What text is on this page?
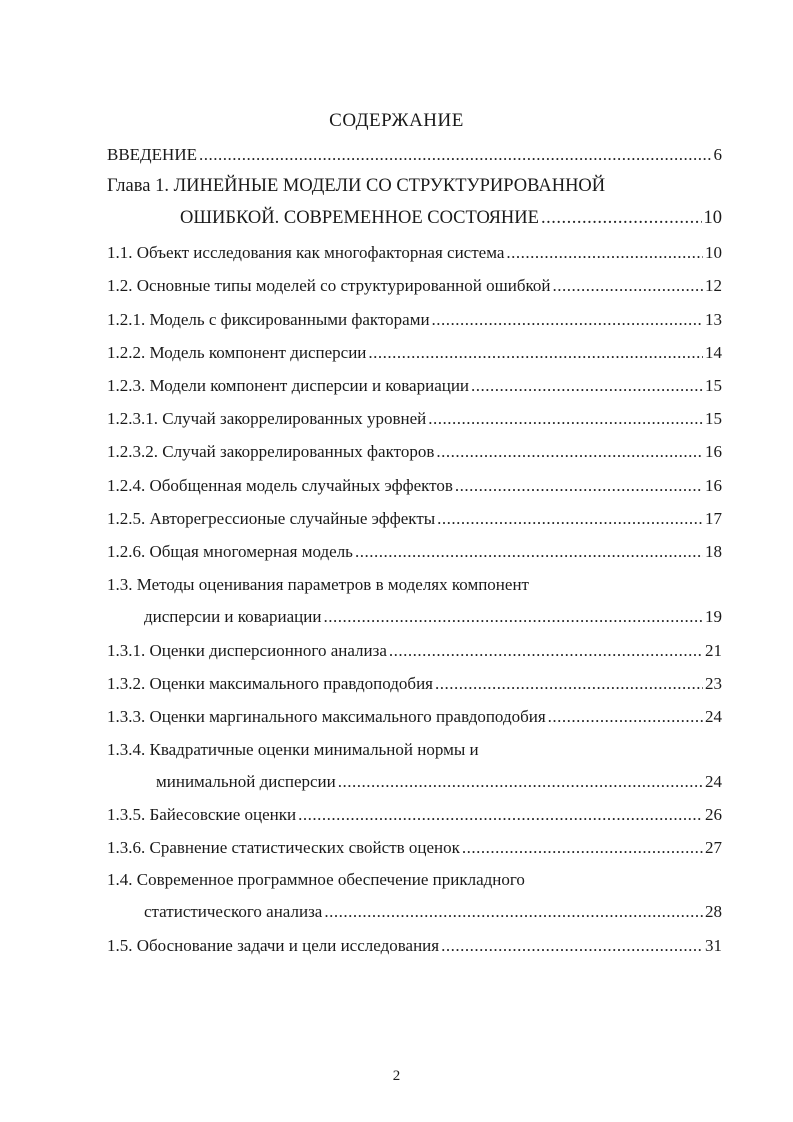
СОДЕРЖАНИЕ
ВВЕДЕНИЕ .....	6
Глава 1. ЛИНЕЙНЫЕ МОДЕЛИ СО СТРУКТУРИРОВАННОЙ
ОШИБКОЙ. СОВРЕМЕННОЕ СОСТОЯНИЕ .....	10
1.1. Объект исследования как многофакторная система .....	10
1.2. Основные типы моделей со структурированной ошибкой .....	12
1.2.1. Модель с фиксированными факторами .....	13
1.2.2. Модель компонент дисперсии .....	14
1.2.3. Модели компонент дисперсии и ковариации .....	15
1.2.3.1. Случай закоррелированных уровней .....	15
1.2.3.2. Случай закоррелированных факторов .....	16
1.2.4. Обобщенная модель случайных эффектов .....	16
1.2.5. Авторегрессионые случайные эффекты .....	17
1.2.6. Общая многомерная модель .....	18
1.3. Методы оценивания параметров в моделях компонент
дисперсии и ковариации .....	19
1.3.1. Оценки дисперсионного анализа .....	21
1.3.2. Оценки максимального правдоподобия .....	23
1.3.3. Оценки маргинального максимального правдоподобия .....	24
1.3.4. Квадратичные оценки минимальной нормы и
минимальной дисперсии .....	24
1.3.5. Байесовские оценки .....	26
1.3.6. Сравнение статистических свойств оценок .....	27
1.4. Современное программное обеспечение прикладного
статистического анализа .....	28
1.5. Обоснование задачи и цели исследования .....	31
2
